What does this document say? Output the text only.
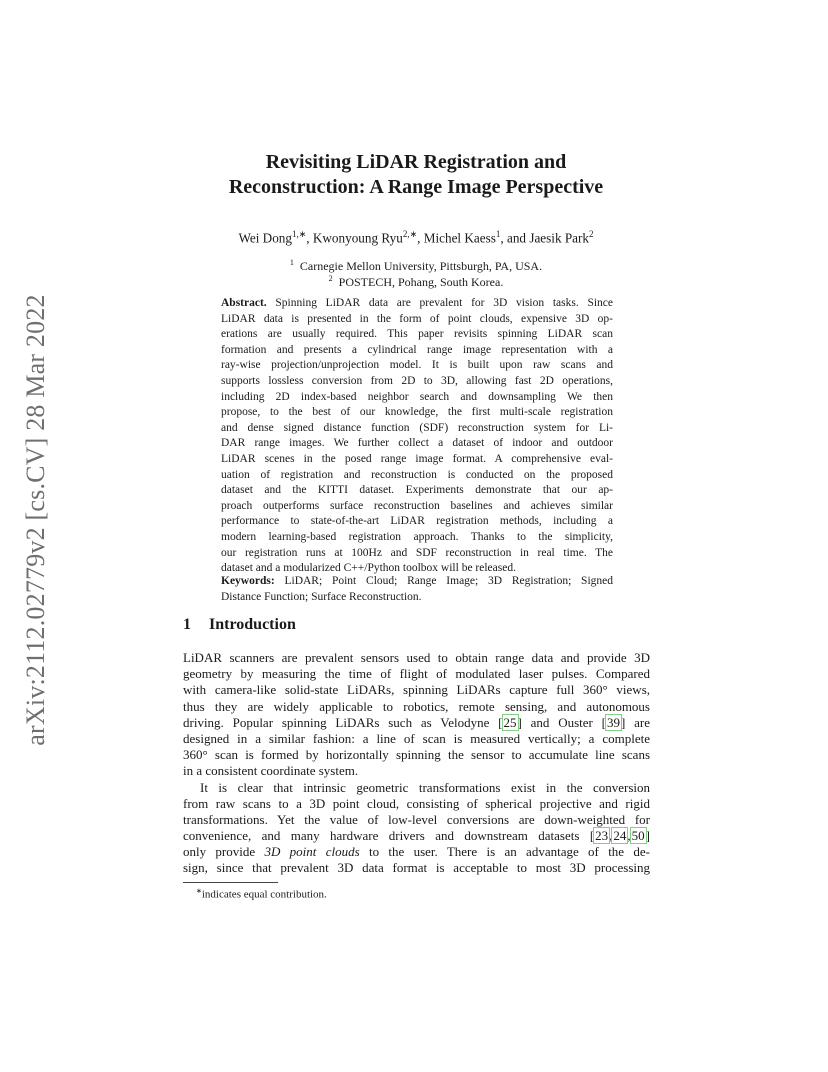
arXiv:2112.02779v2 [cs.CV] 28 Mar 2022
Revisiting LiDAR Registration and
Reconstruction: A Range Image Perspective
Wei Dong$^{1,∗}$, Kwonyoung Ryu$^{2,∗}$, Michel Kaess$^1$, and Jaesik Park$^2$
$^1$ Carnegie Mellon University, Pittsburgh, PA, USA.
$^2$ POSTECH, Pohang, South Korea.
Abstract. Spinning LiDAR data are prevalent for 3D vision tasks. Since
LiDAR data is presented in the form of point clouds, expensive 3D op-
erations are usually required. This paper revisits spinning LiDAR scan
formation and presents a cylindrical range image representation with a
ray-wise projection/unprojection model. It is built upon raw scans and
supports lossless conversion from 2D to 3D, allowing fast 2D operations,
including 2D index-based neighbor search and downsampling We then
propose, to the best of our knowledge, the first multi-scale registration
and dense signed distance function (SDF) reconstruction system for Li-
DAR range images. We further collect a dataset of indoor and outdoor
LiDAR scenes in the posed range image format. A comprehensive eval-
uation of registration and reconstruction is conducted on the proposed
dataset and the KITTI dataset. Experiments demonstrate that our ap-
proach outperforms surface reconstruction baselines and achieves similar
performance to state-of-the-art LiDAR registration methods, including a
modern learning-based registration approach. Thanks to the simplicity,
our registration runs at 100Hz and SDF reconstruction in real time. The
dataset and a modularized C++/Python toolbox will be released.
Keywords: LiDAR; Point Cloud; Range Image; 3D Registration; Signed
Distance Function; Surface Reconstruction.
1 Introduction
LiDAR scanners are prevalent sensors used to obtain range data and provide 3D
geometry by measuring the time of flight of modulated laser pulses. Compared
with camera-like solid-state LiDARs, spinning LiDARs capture full 360° views,
thus they are widely applicable to robotics, remote sensing, and autonomous
driving. Popular spinning LiDARs such as Velodyne [25] and Ouster [39] are
designed in a similar fashion: a line of scan is measured vertically; a complete
360° scan is formed by horizontally spinning the sensor to accumulate line scans
in a consistent coordinate system.
It is clear that intrinsic geometric transformations exist in the conversion
from raw scans to a 3D point cloud, consisting of spherical projective and rigid
transformations. Yet the value of low-level conversions are down-weighted for
convenience, and many hardware drivers and downstream datasets [23,24,50]
only provide 3D point clouds to the user. There is an advantage of the de-
sign, since that prevalent 3D data format is acceptable to most 3D processing
∗indicates equal contribution.
